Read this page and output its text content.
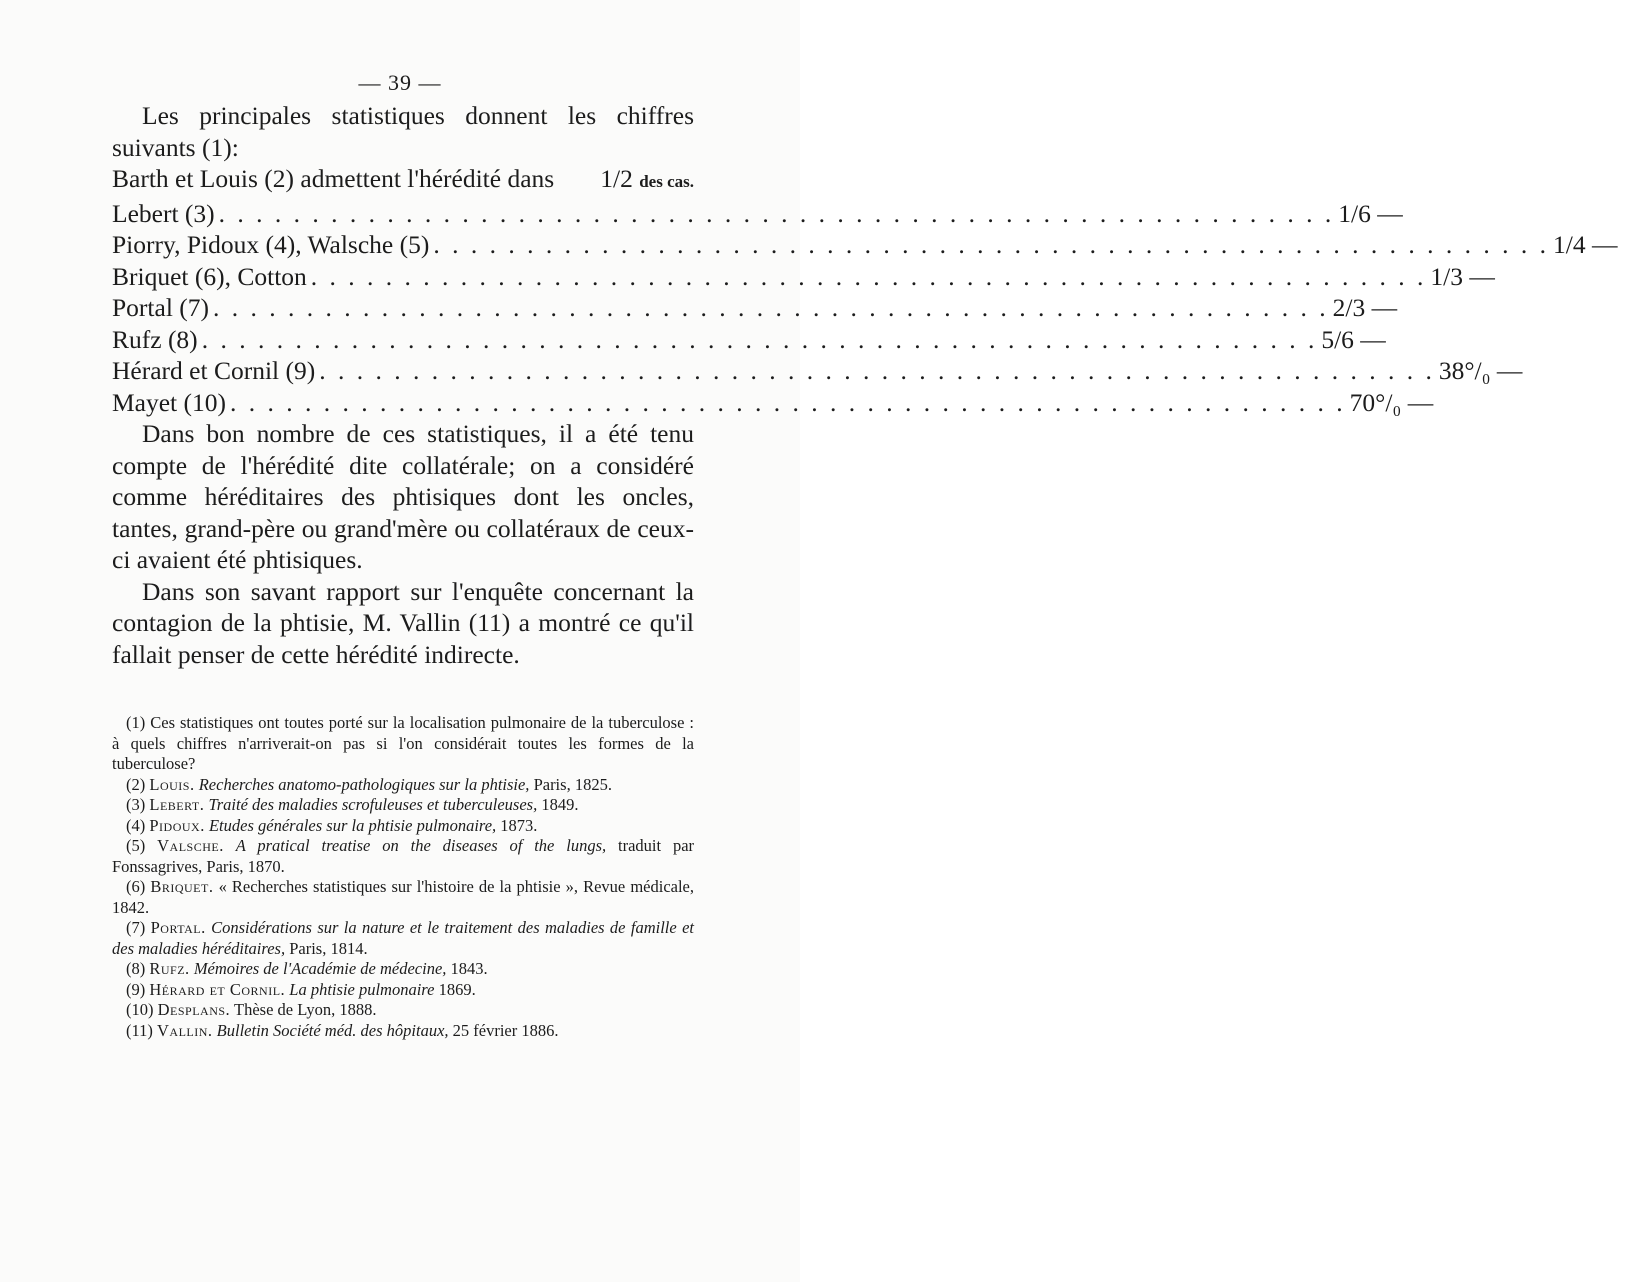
— 39 —

Les principales statistiques donnent les chiffres suivants (1):

Barth et Louis (2) admettent l'hérédité dans 1/2
des cas.
Lebert (3) . . . . . . . . . . . . . . . . . . . . . . . . . . . . . . . . . . . . . . . . . . . . . . . . . . . . . . . . . . . . 1/6 —
Piorry, Pidoux (4), Walsche (5) . . . . . . . . . . . . . . . . . . . . . . . . . . . . . . . . . . . . . . . . . . . . . . . . . . . . . . . . . . . . 1/4 —
Briquet (6), Cotton . . . . . . . . . . . . . . . . . . . . . . . . . . . . . . . . . . . . . . . . . . . . . . . . . . . . . . . . . . . . 1/3 —
Portal (7) . . . . . . . . . . . . . . . . . . . . . . . . . . . . . . . . . . . . . . . . . . . . . . . . . . . . . . . . . . . . 2/3 —
Rufz (8) . . . . . . . . . . . . . . . . . . . . . . . . . . . . . . . . . . . . . . . . . . . . . . . . . . . . . . . . . . . . 5/6 —
Hérard et Cornil (9) . . . . . . . . . . . . . . . . . . . . . . . . . . . . . . . . . . . . . . . . . . . . . . . . . . . . . . . . . . . . 38°/₀ —
Mayet (10) . . . . . . . . . . . . . . . . . . . . . . . . . . . . . . . . . . . . . . . . . . . . . . . . . . . . . . . . . . . . 70°/₀ —

Dans bon nombre de ces statistiques, il a été tenu compte de l'hérédité dite collatérale; on a considéré comme héréditaires des phtisiques dont les oncles, tantes, grand-père ou grand'mère ou collatéraux de ceux-ci avaient été phtisiques.

Dans son savant rapport sur l'enquête concernant la contagion de la phtisie, M. Vallin (11) a montré ce qu'il fallait penser de cette hérédité indirecte.

(1) Ces statistiques ont toutes porté sur la localisation pulmonaire de la tuberculose : à quels chiffres n'arriverait-on pas si l'on considérait toutes les formes de la tuberculose?

(2) Louis. Recherches anatomo-pathologiques sur la phtisie, Paris, 1825.

(3) Lebert. Traité des maladies scrofuleuses et tuberculeuses, 1849.

(4) Pidoux. Etudes générales sur la phtisie pulmonaire, 1873.

(5) Valsche. A pratical treatise on the diseases of the lungs, traduit par Fonssagrives, Paris, 1870.

(6) Briquet. « Recherches statistiques sur l'histoire de la phtisie », Revue médicale, 1842.

(7) Portal. Considérations sur la nature et le traitement des maladies de famille et des maladies héréditaires, Paris, 1814.

(8) Rufz. Mémoires de l'Académie de médecine, 1843.

(9) Hérard et Cornil. La phtisie pulmonaire 1869.

(10) Desplans. Thèse de Lyon, 1888.

(11) Vallin. Bulletin Société méd. des hôpitaux, 25 février 1886.
